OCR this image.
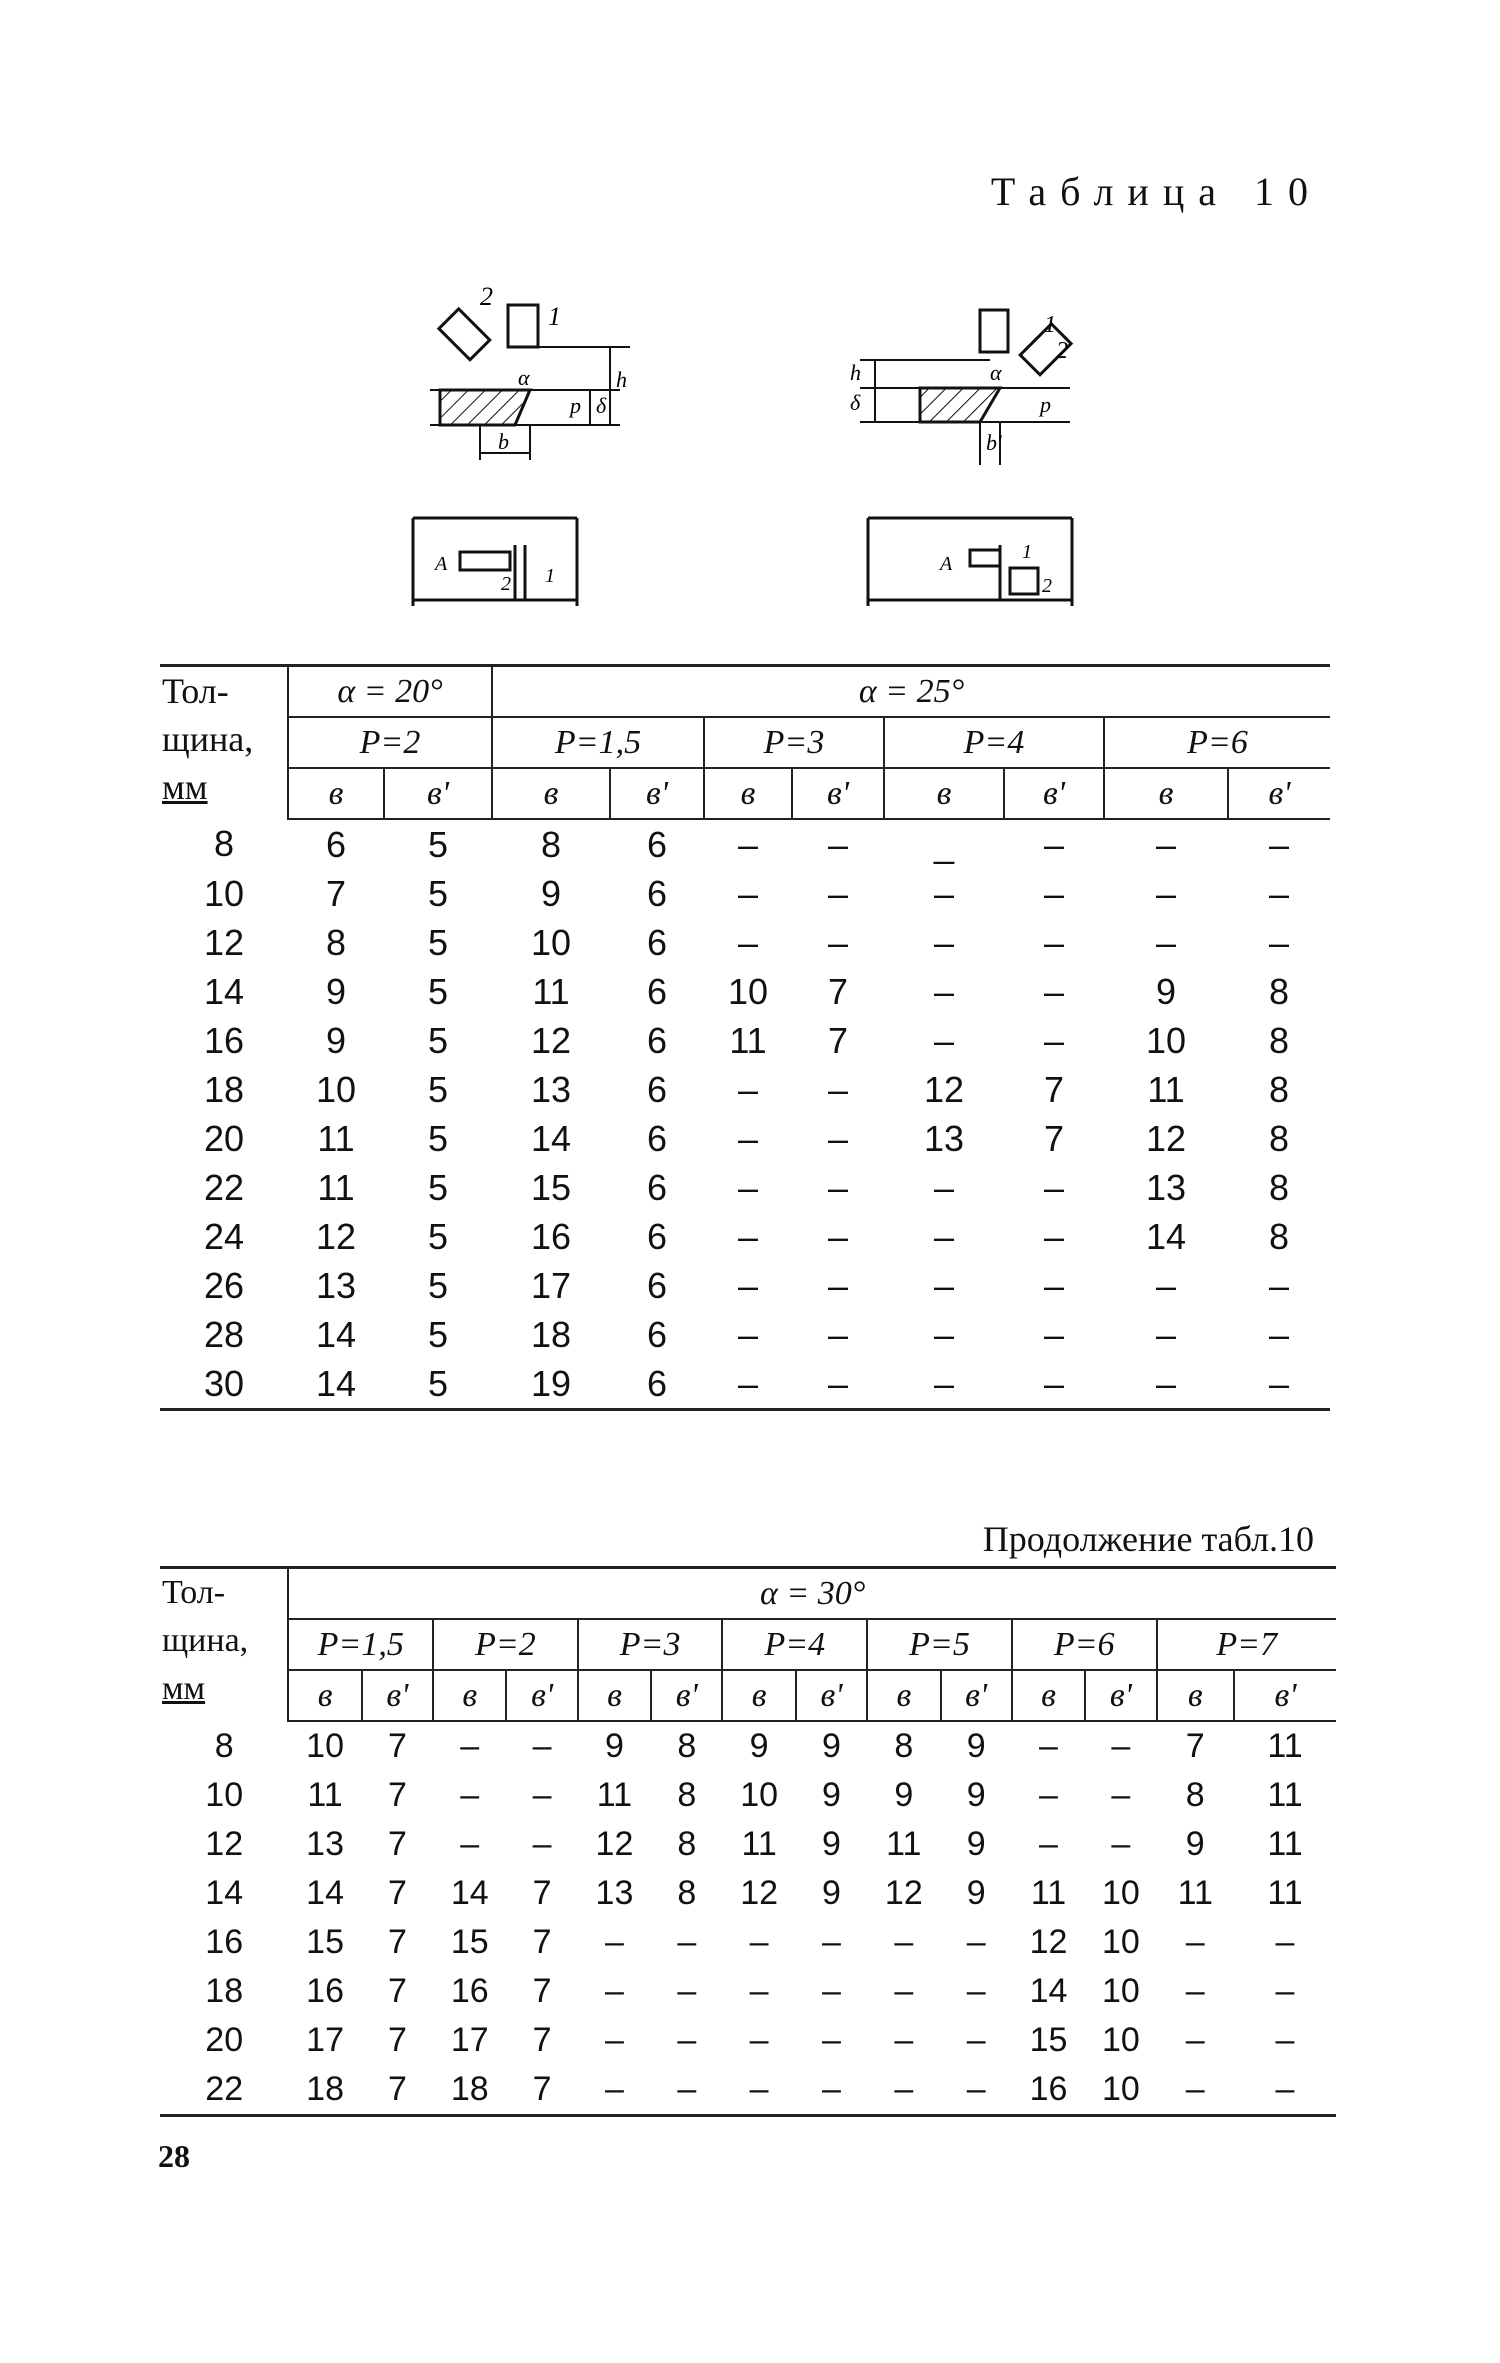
Таблица 10
2
1
α	h
δ
p
b
1
2
α
h
δ	p
b'
A
2 1
A
1
2
Тол-
щина,
мм	α = 20°		α = 25°							
	P=2		P=1,5		P=3		P=4		P=6	
	в	в'	в	в'	в	в'	в	в'	в	в'
8	6	5	8	6	–	–	_	–	–	–
10	7	5	9	6	–	–	–	–	–	–
12	8	5	10	6	–	–	–	–	–	–
14	9	5	11	6	10	7	–	–	9	8
16	9	5	12	6	11	7	–	–	10	8
18	10	5	13	6	–	–	12	7	11	8
20	11	5	14	6	–	–	13	7	12	8
22	11	5	15	6	–	–	–	–	13	8
24	12	5	16	6	–	–	–	–	14	8
26	13	5	17	6	–	–	–	–	–	–
28	14	5	18	6	–	–	–	–	–	–
30	14	5	19	6	–	–	–	–	–	–
Продолжение табл.10
Тол-
щина,
мм	α = 30°													
	P=1,5		P=2		P=3		P=4		P=5		P=6		P=7	
	в	в'	в	в'	в	в'	в	в'	в	в'	в	в'	в	в'
8	10	7	–	–	9	8	9	9	8	9	–	–	7	11
10	11	7	–	–	11	8	10	9	9	9	–	–	8	11
12	13	7	–	–	12	8	11	9	11	9	–	–	9	11
14	14	7	14	7	13	8	12	9	12	9	11	10	11	11
16	15	7	15	7	–	–	–	–	–	–	12	10	–	–
18	16	7	16	7	–	–	–	–	–	–	14	10	–	–
20	17	7	17	7	–	–	–	–	–	–	15	10	–	–
22	18	7	18	7	–	–	–	–	–	–	16	10	–	–
28
